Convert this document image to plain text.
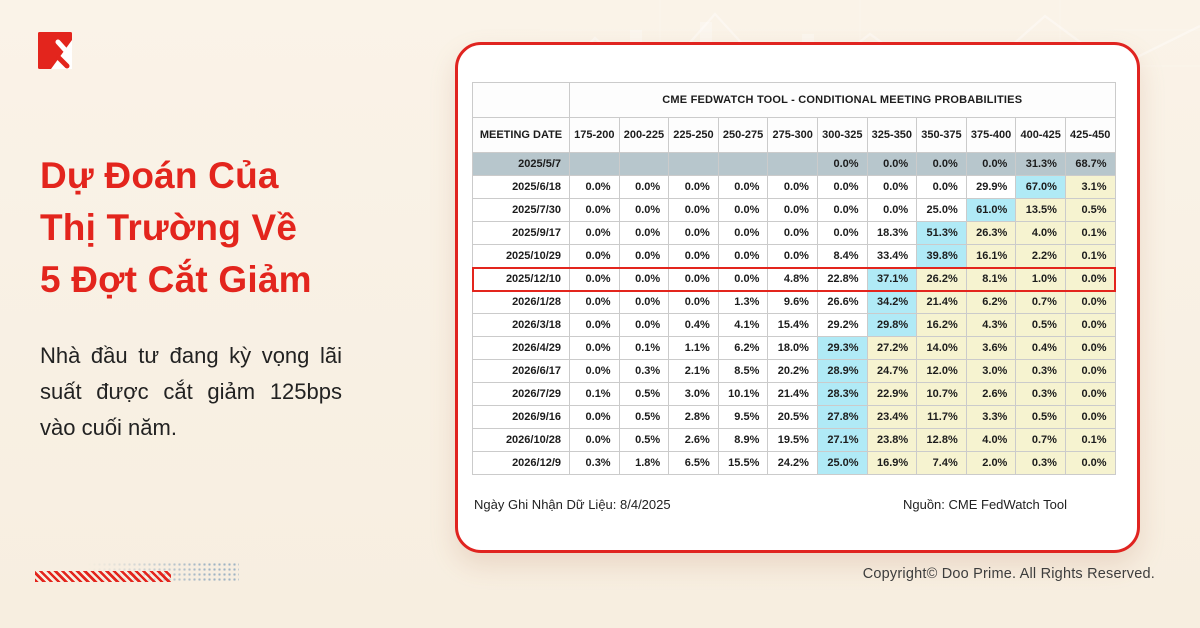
Dự Đoán Của
Thị Trường Về
5 Đợt Cắt Giảm

Nhà đầu tư đang kỳ vọng lãi suất được cắt giảm 125bps vào cuối năm.

	CME FEDWATCH TOOL - CONDITIONAL MEETING PROBABILITIES										
MEETING DATE	175-200	200-225	225-250	250-275	275-300	300-325	325-350	350-375	375-400	400-425	425-450
2025/5/7						0.0%	0.0%	0.0%	0.0%	31.3%	68.7%
2025/6/18	0.0%	0.0%	0.0%	0.0%	0.0%	0.0%	0.0%	0.0%	29.9%	67.0%	3.1%
2025/7/30	0.0%	0.0%	0.0%	0.0%	0.0%	0.0%	0.0%	25.0%	61.0%	13.5%	0.5%
2025/9/17	0.0%	0.0%	0.0%	0.0%	0.0%	0.0%	18.3%	51.3%	26.3%	4.0%	0.1%
2025/10/29	0.0%	0.0%	0.0%	0.0%	0.0%	8.4%	33.4%	39.8%	16.1%	2.2%	0.1%
2025/12/10	0.0%	0.0%	0.0%	0.0%	4.8%	22.8%	37.1%	26.2%	8.1%	1.0%	0.0%
2026/1/28	0.0%	0.0%	0.0%	1.3%	9.6%	26.6%	34.2%	21.4%	6.2%	0.7%	0.0%
2026/3/18	0.0%	0.0%	0.4%	4.1%	15.4%	29.2%	29.8%	16.2%	4.3%	0.5%	0.0%
2026/4/29	0.0%	0.1%	1.1%	6.2%	18.0%	29.3%	27.2%	14.0%	3.6%	0.4%	0.0%
2026/6/17	0.0%	0.3%	2.1%	8.5%	20.2%	28.9%	24.7%	12.0%	3.0%	0.3%	0.0%
2026/7/29	0.1%	0.5%	3.0%	10.1%	21.4%	28.3%	22.9%	10.7%	2.6%	0.3%	0.0%
2026/9/16	0.0%	0.5%	2.8%	9.5%	20.5%	27.8%	23.4%	11.7%	3.3%	0.5%	0.0%
2026/10/28	0.0%	0.5%	2.6%	8.9%	19.5%	27.1%	23.8%	12.8%	4.0%	0.7%	0.1%
2026/12/9	0.3%	1.8%	6.5%	15.5%	24.2%	25.0%	16.9%	7.4%	2.0%	0.3%	0.0%
Ngày Ghi Nhận Dữ Liệu: 8/4/2025	Nguồn: CME FedWatch Tool
Copyright© Doo Prime. All Rights Reserved.
